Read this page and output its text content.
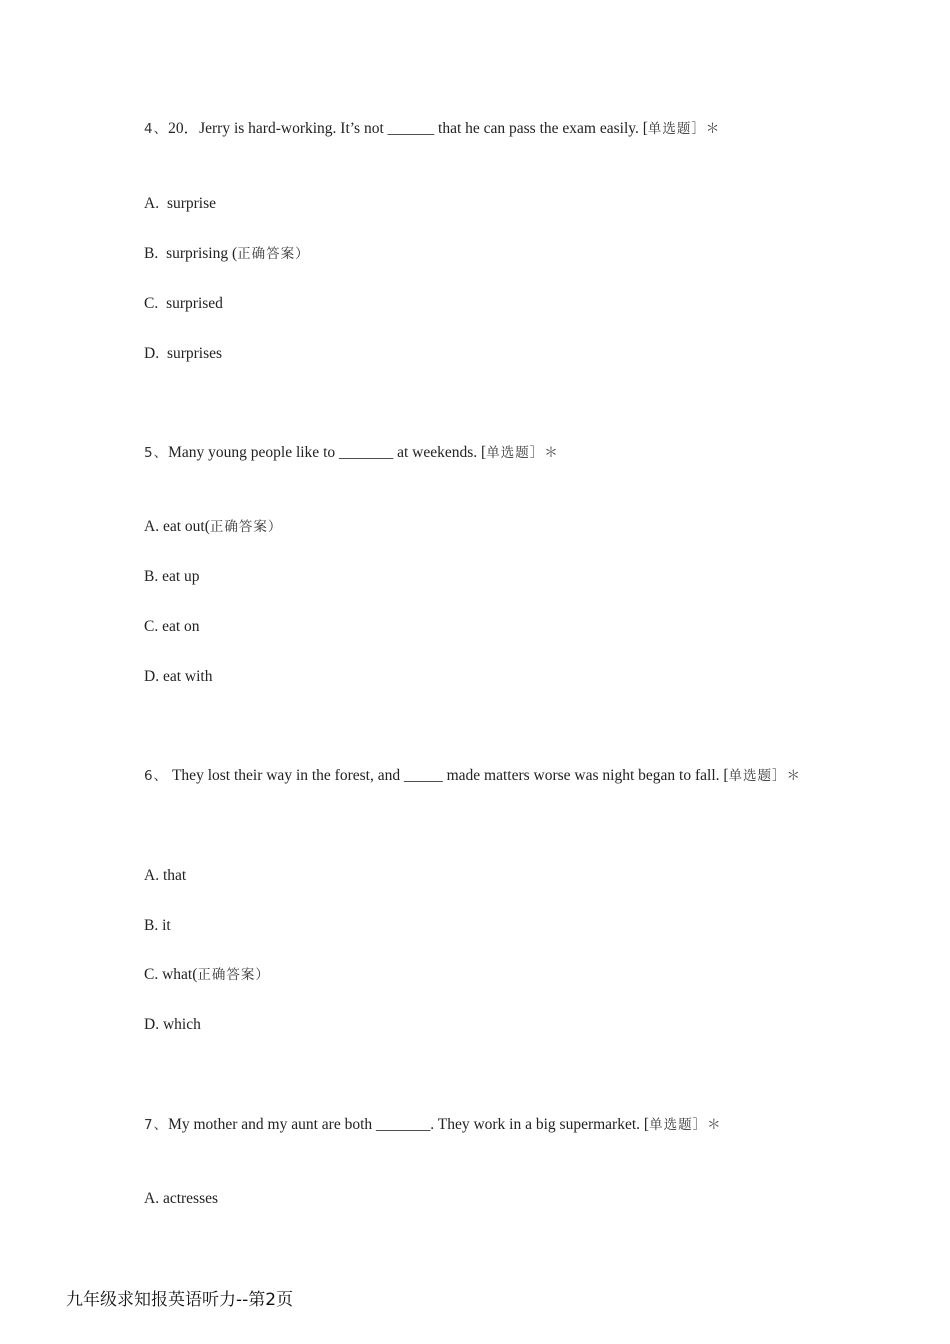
4、20．Jerry is hard-working. It’s not ______ that he can pass the exam easily. [单选题］＊
A. surprise
B. surprising (正确答案）
C. surprised
D. surprises
5、Many young people like to _______ at weekends. [单选题］＊
A. eat out(正确答案）
B. eat up
C. eat on
D. eat with
6、 They lost their way in the forest, and _____ made matters worse was night began to fall. [单选题］＊
A. that
B. it
C. what(正确答案）
D. which
7、My mother and my aunt are both _______. They work in a big supermarket. [单选题］＊
A. actresses
九年级求知报英语听力--第2页
